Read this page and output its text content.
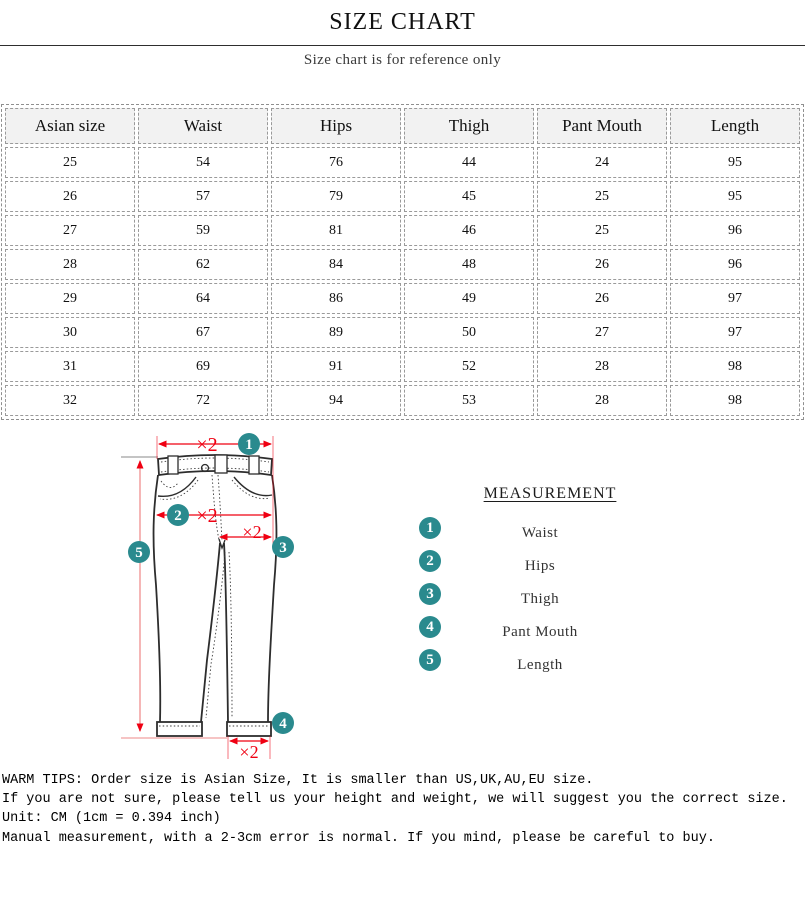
SIZE CHART
Size chart is for reference only
Asian size	Waist	Hips	Thigh	Pant Mouth	Length
25	54	76	44	24	95
26	57	79	45	25	95
27	59	81	46	25	96
28	62	84	48	26	96
29	64	86	49	26	97
30	67	89	50	27	97
31	69	91	52	28	98
32	72	94	53	28	98
×2
×2
×2
×2
1
2
3
4
5
MEASUREMENT
1	Waist
2	Hips
3	Thigh
4	Pant Mouth
5	Length
WARM TIPS: Order size is Asian Size, It is smaller than US,UK,AU,EU size.
If you are not sure, please tell us your height and weight, we will suggest you the correct size.
Unit: CM (1cm = 0.394 inch)
Manual measurement, with a 2-3cm error is normal. If you mind, please be careful to buy.
